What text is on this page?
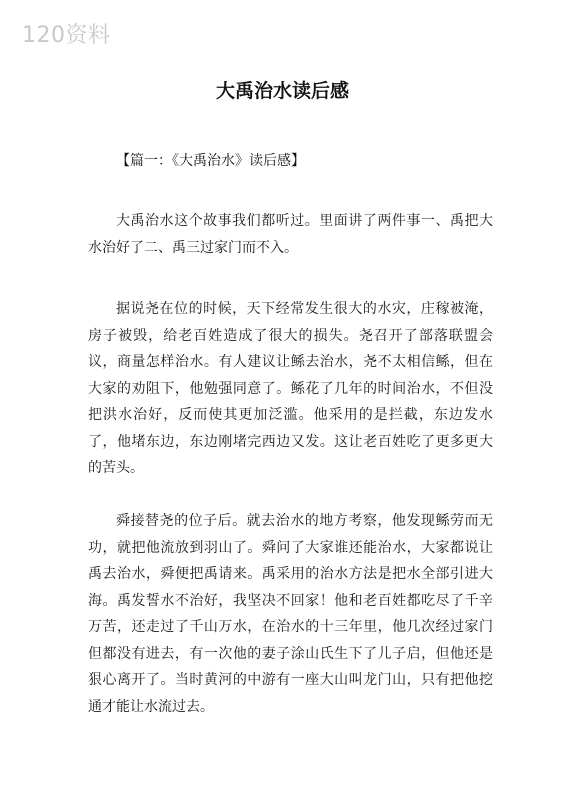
120资料
大禹治水读后感
【篇一：《大禹治水》读后感】

大禹治水这个故事我们都听过。里面讲了两件事一、禹把大水治好了二、禹三过家门而不入。

据说尧在位的时候，天下经常发生很大的水灾，庄稼被淹，房子被毁，给老百姓造成了很大的损失。尧召开了部落联盟会议，商量怎样治水。有人建议让鲧去治水，尧不太相信鲧，但在大家的劝阻下，他勉强同意了。鲧花了几年的时间治水，不但没把洪水治好，反而使其更加泛滥。他采用的是拦截，东边发水了，他堵东边，东边刚堵完西边又发。这让老百姓吃了更多更大的苦头。

舜接替尧的位子后。就去治水的地方考察，他发现鲧劳而无功，就把他流放到羽山了。舜问了大家谁还能治水，大家都说让禹去治水，舜便把禹请来。禹采用的治水方法是把水全部引进大海。禹发誓水不治好，我坚决不回家！他和老百姓都吃尽了千辛万苦，还走过了千山万水，在治水的十三年里，他几次经过家门但都没有进去，有一次他的妻子涂山氏生下了儿子启，但他还是狠心离开了。当时黄河的中游有一座大山叫龙门山，只有把他挖通才能让水流过去。
